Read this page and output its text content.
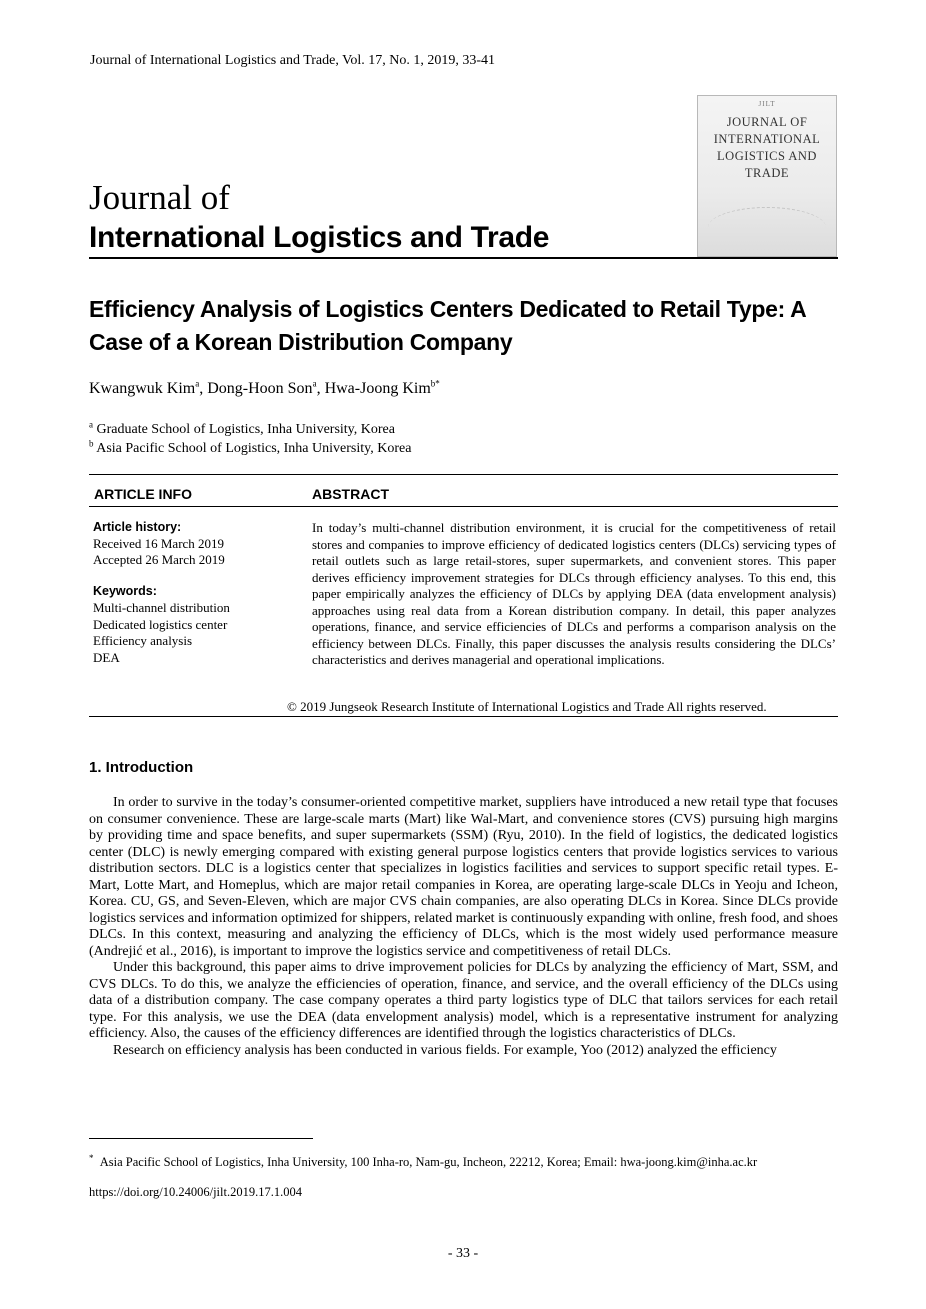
Journal of International Logistics and Trade, Vol. 17, No. 1, 2019, 33-41
JILT
JOURNAL OF INTERNATIONAL LOGISTICS AND TRADE
Journal of
International Logistics and Trade
Efficiency Analysis of Logistics Centers Dedicated to Retail Type: A Case of a Korean Distribution Company
Kwangwuk Kim$^a$, Dong-Hoon Son$^a$, Hwa-Joong Kim$^{b*}$
$^a$ Graduate School of Logistics, Inha University, Korea
$^b$ Asia Pacific School of Logistics, Inha University, Korea
ARTICLE INFO	ABSTRACT
Article history:
Received 16 March 2019
Accepted 26 March 2019
Keywords:
Multi-channel distribution
Dedicated logistics center
Efficiency analysis
DEA
In today’s multi-channel distribution environment, it is crucial for the competitiveness of retail stores and companies to improve efficiency of dedicated logistics centers (DLCs) servicing types of retail outlets such as large retail-stores, super supermarkets, and convenient stores. This paper derives efficiency improvement strategies for DLCs through efficiency analyses. To this end, this paper empirically analyzes the efficiency of DLCs by applying DEA (data envelopment analysis) approaches using real data from a Korean distribution company. In detail, this paper analyzes operations, finance, and service efficiencies of DLCs and performs a comparison analysis on the efficiency between DLCs. Finally, this paper discusses the analysis results considering the DLCs’ characteristics and derives managerial and operational implications.
© 2019 Jungseok Research Institute of International Logistics and Trade All rights reserved.
1. Introduction

In order to survive in the today’s consumer-oriented competitive market, suppliers have introduced a new retail type that focuses on consumer convenience. These are large-scale marts (Mart) like Wal-Mart, and convenience stores (CVS) pursuing high margins by providing time and space benefits, and super supermarkets (SSM) (Ryu, 2010). In the field of logistics, the dedicated logistics center (DLC) is newly emerging compared with existing general purpose logistics centers that provide logistics services to various distribution sectors. DLC is a logistics center that specializes in logistics facilities and services to support specific retail types. E-Mart, Lotte Mart, and Homeplus, which are major retail companies in Korea, are operating large-scale DLCs in Yeoju and Icheon, Korea. CU, GS, and Seven-Eleven, which are major CVS chain companies, are also operating DLCs in Korea. Since DLCs provide logistics services and information optimized for shippers, related market is continuously expanding with online, fresh food, and shoes DLCs. In this context, measuring and analyzing the efficiency of DLCs, which is the most widely used performance measure (Andrejić et al., 2016), is important to improve the logistics service and competitiveness of retail DLCs.

Under this background, this paper aims to drive improvement policies for DLCs by analyzing the efficiency of Mart, SSM, and CVS DLCs. To do this, we analyze the efficiencies of operation, finance, and service, and the overall efficiency of the DLCs using data of a distribution company. The case company operates a third party logistics type of DLC that tailors services for each retail type. For this analysis, we use the DEA (data envelopment analysis) model, which is a representative instrument for analyzing efficiency. Also, the causes of the efficiency differences are identified through the logistics characteristics of DLCs.

Research on efficiency analysis has been conducted in various fields. For example, Yoo (2012) analyzed the efficiency

* Asia Pacific School of Logistics, Inha University, 100 Inha-ro, Nam-gu, Incheon, 22212, Korea; Email: hwa-joong.kim@inha.ac.kr
https://doi.org/10.24006/jilt.2019.17.1.004
- 33 -
